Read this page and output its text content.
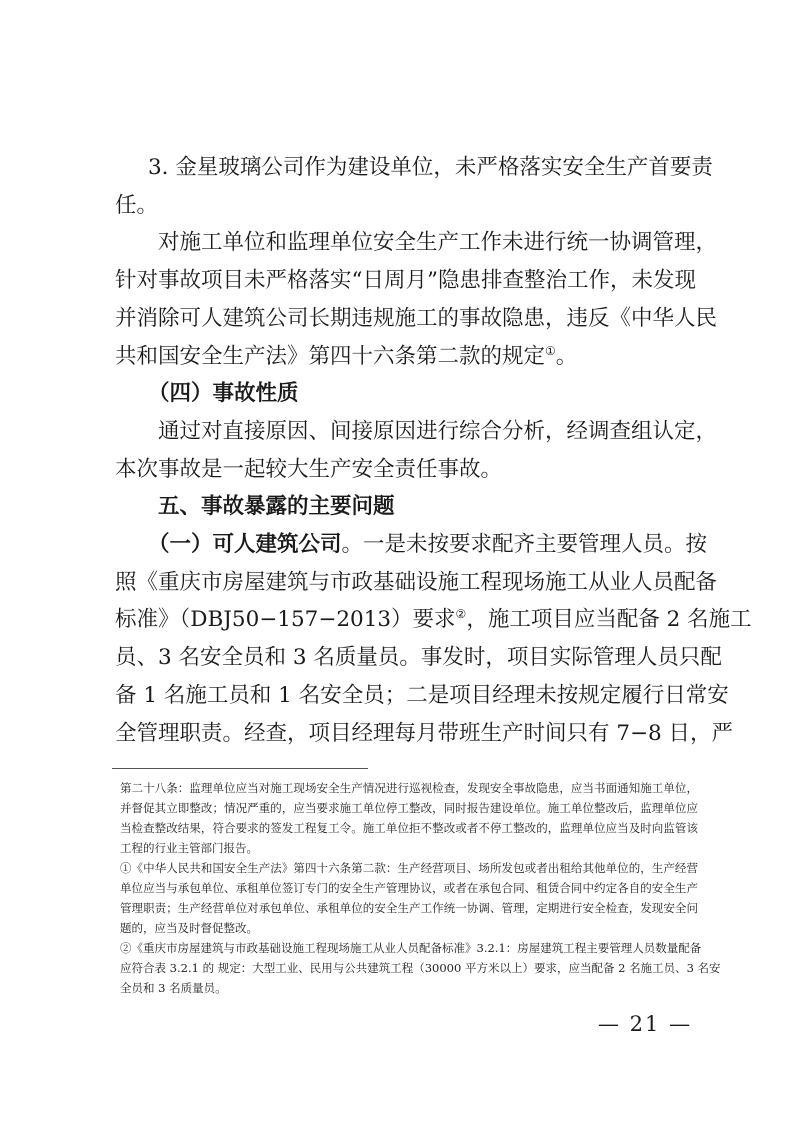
3. 金星玻璃公司作为建设单位，未严格落实安全生产首要责
任。
对施工单位和监理单位安全生产工作未进行统一协调管理，
针对事故项目未严格落实“日周月”隐患排查整治工作，未发现
并消除可人建筑公司长期违规施工的事故隐患，违反《中华人民
共和国安全生产法》第四十六条第二款的规定①。
（四）事故性质
通过对直接原因、间接原因进行综合分析，经调查组认定，
本次事故是一起较大生产安全责任事故。
五、事故暴露的主要问题
（一）可人建筑公司。一是未按要求配齐主要管理人员。按
照《重庆市房屋建筑与市政基础设施工程现场施工从业人员配备
标准》（DBJ50−157−2013）要求②，施工项目应当配备 2 名施工
员、3 名安全员和 3 名质量员。事发时，项目实际管理人员只配
备 1 名施工员和 1 名安全员；二是项目经理未按规定履行日常安
第二十八条：监理单位应当对施工现场安全生产情况进行巡视检查，发现安全事故隐患，应当书面通知施工单位，
并督促其立即整改；情况严重的，应当要求施工单位停工整改，同时报告建设单位。施工单位整改后，监理单位应
当检查整改结果，符合要求的签发工程复工令。施工单位拒不整改或者不停工整改的，监理单位应当及时向监管该
工程的行业主管部门报告。
①《中华人民共和国安全生产法》第四十六条第二款：生产经营项目、场所发包或者出租给其他单位的，生产经营
单位应当与承包单位、承租单位签订专门的安全生产管理协议，或者在承包合同、租赁合同中约定各自的安全生产
管理职责；生产经营单位对承包单位、承租单位的安全生产工作统一协调、管理，定期进行安全检查，发现安全问
题的，应当及时督促整改。
②《重庆市房屋建筑与市政基础设施工程现场施工从业人员配备标准》3.2.1：房屋建筑工程主要管理人员数量配备
应符合表 3.2.1 的 规定：大型工业、民用与公共建筑工程（30000 平方米以上）要求，应当配备 2 名施工员、3 名安
全员和 3 名质量员。
— 21 —
全管理职责。经查，项目经理每月带班生产时间只有 7−8 日，严
